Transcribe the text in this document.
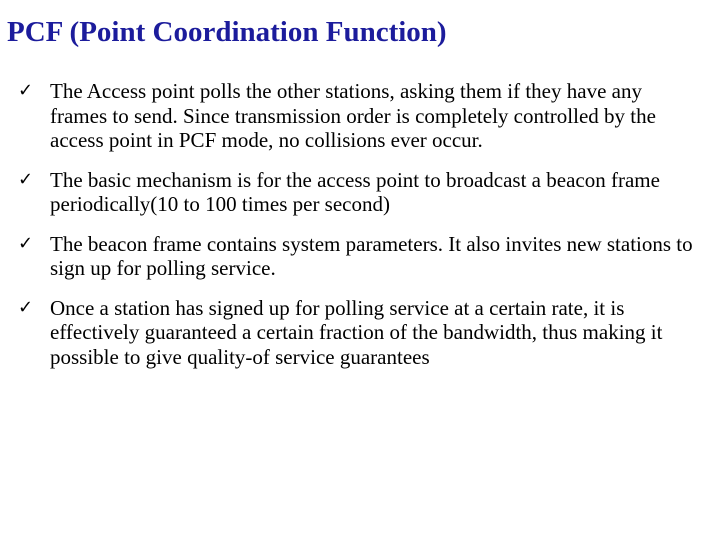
PCF (Point Coordination Function)
✓ The Access point polls the other stations, asking them if they have any frames to send. Since transmission order is completely controlled by the access point in PCF mode, no collisions ever occur.
✓ The basic mechanism is for the access point to broadcast a beacon frame periodically(10 to 100 times per second)
✓ The beacon frame contains system parameters. It also invites new stations to sign up for polling service.
✓ Once a station has signed up for polling service at a certain rate, it is effectively guaranteed a certain fraction of the bandwidth, thus making it possible to give quality-of service guarantees
